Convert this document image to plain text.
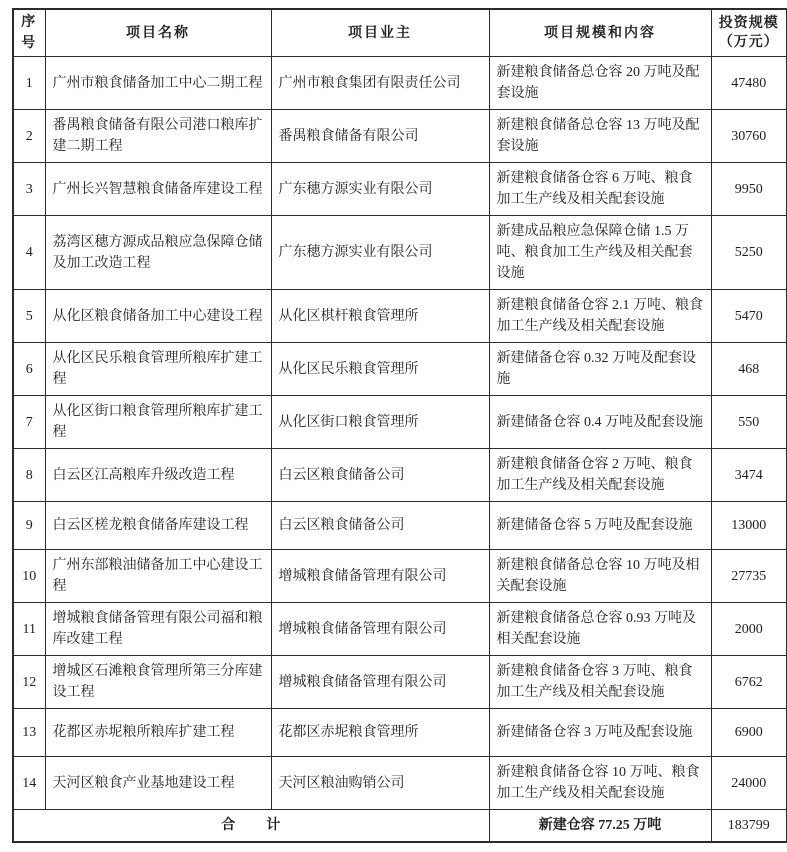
序号	项目名称	项目业主	项目规模和内容	投资规模
（万元）

1	广州市粮食储备加工中心二期工程	广州市粮食集团有限责任公司	新建粮食储备总仓容 20 万吨及配套设施	47480
2	番禺粮食储备有限公司港口粮库扩建二期工程	番禺粮食储备有限公司	新建粮食储备总仓容 13 万吨及配套设施	30760
3	广州长兴智慧粮食储备库建设工程	广东穗方源实业有限公司	新建粮食储备仓容 6 万吨、粮食加工生产线及相关配套设施	9950
4	荔湾区穗方源成品粮应急保障仓储及加工改造工程	广东穗方源实业有限公司	新建成品粮应急保障仓储 1.5 万吨、粮食加工生产线及相关配套设施	5250
5	从化区粮食储备加工中心建设工程	从化区棋杆粮食管理所	新建粮食储备仓容 2.1 万吨、粮食加工生产线及相关配套设施	5470
6	从化区民乐粮食管理所粮库扩建工程	从化区民乐粮食管理所	新建储备仓容 0.32 万吨及配套设施	468
7	从化区街口粮食管理所粮库扩建工程	从化区街口粮食管理所	新建储备仓容 0.4 万吨及配套设施	550
8	白云区江高粮库升级改造工程	白云区粮食储备公司	新建粮食储备仓容 2 万吨、粮食加工生产线及相关配套设施	3474
9	白云区槎龙粮食储备库建设工程	白云区粮食储备公司	新建储备仓容 5 万吨及配套设施	13000
10	广州东部粮油储备加工中心建设工程	增城粮食储备管理有限公司	新建粮食储备总仓容 10 万吨及相关配套设施	27735
11	增城粮食储备管理有限公司福和粮库改建工程	增城粮食储备管理有限公司	新建粮食储备总仓容 0.93 万吨及相关配套设施	2000
12	增城区石滩粮食管理所第三分库建设工程	增城粮食储备管理有限公司	新建粮食储备仓容 3 万吨、粮食加工生产线及相关配套设施	6762
13	花都区赤坭粮所粮库扩建工程	花都区赤坭粮食管理所	新建储备仓容 3 万吨及配套设施	6900
14	天河区粮食产业基地建设工程	天河区粮油购销公司	新建粮食储备仓容 10 万吨、粮食加工生产线及相关配套设施	24000
合　　计			新建仓容 77.25 万吨	183799
